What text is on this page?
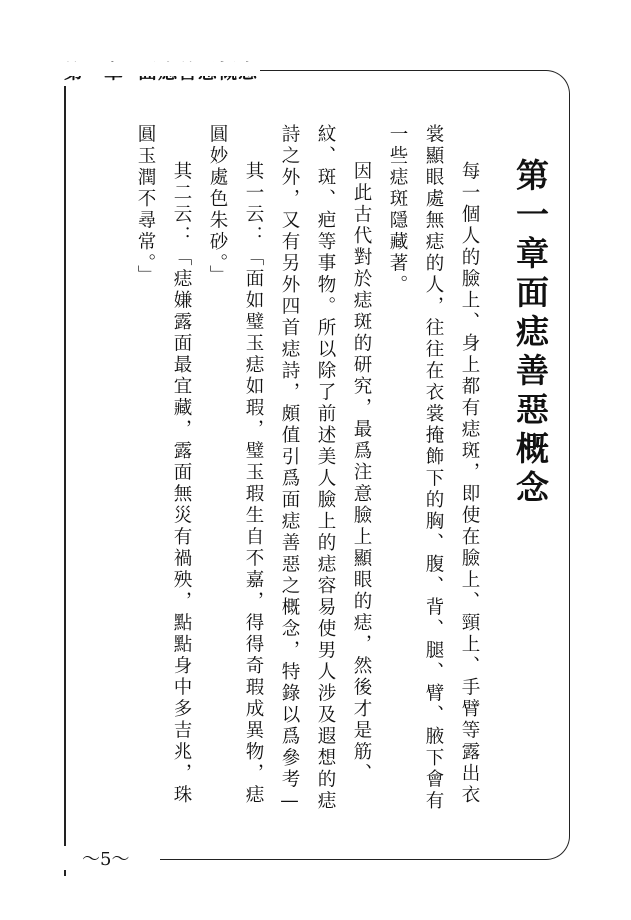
～5～
第一章面痣善惡概念

每一個人的臉上、身上都有痣斑，即使在臉上、頸上、手臂等露出衣裳顯眼處無痣的人，往往在衣裳掩飾下的胸、腹、背、腿、臂、腋下會有一些痣斑隱藏著。

因此古代對於痣斑的研究，最爲注意臉上顯眼的痣，然後才是筋、紋、斑、疤等事物。所以除了前述美人臉上的痣容易使男人涉及遐想的痣詩之外，又有另外四首痣詩，頗值引爲面痣善惡之概念，特錄以爲參考—

其一云：「面如璧玉痣如瑕，璧玉瑕生自不嘉，得得奇瑕成異物，痣圓妙處色朱砂。」

其二云：「痣嫌露面最宜藏，露面無災有禍殃，點點身中多吉兆，珠圓玉潤不尋常。」
